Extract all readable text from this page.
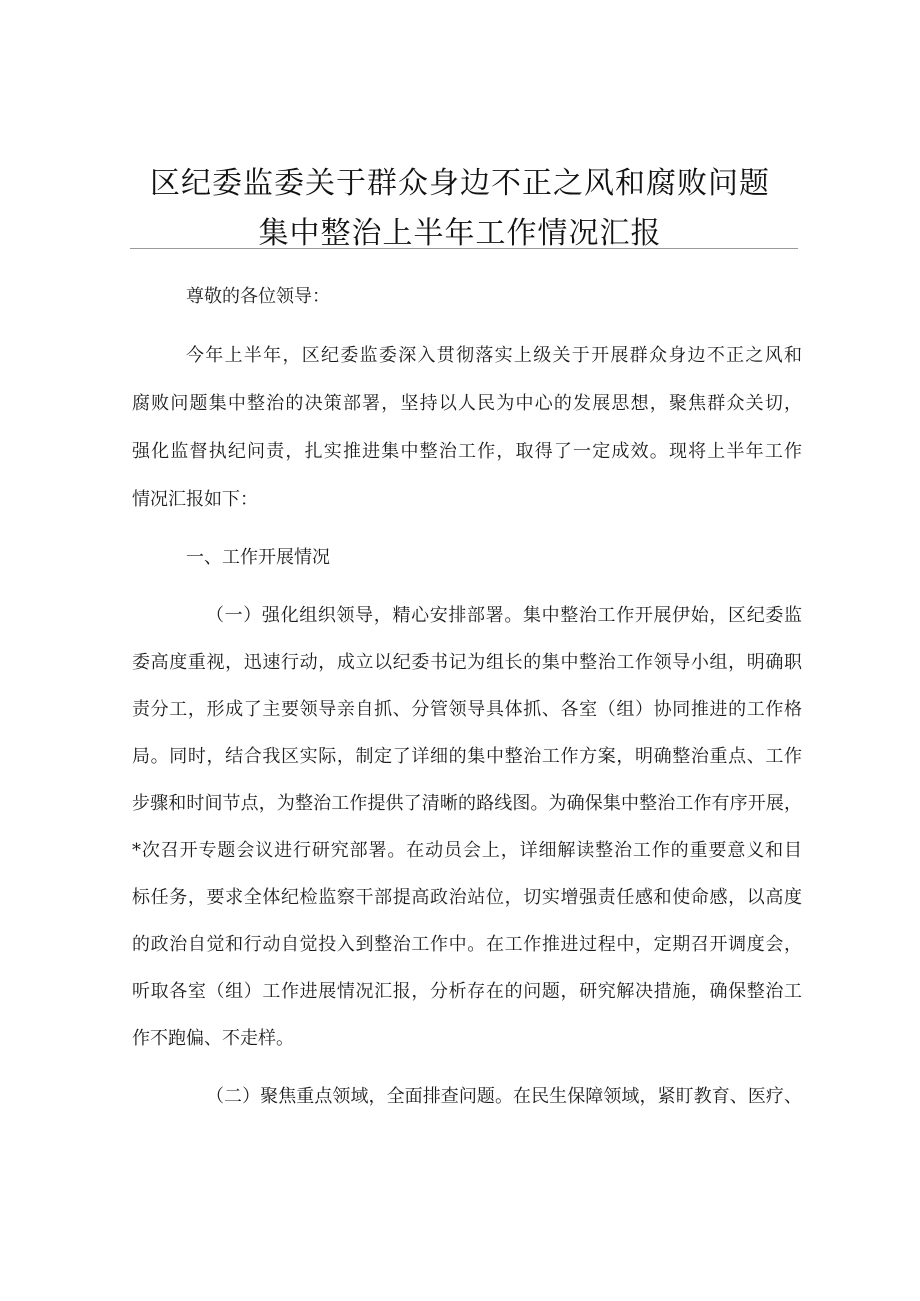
区纪委监委关于群众身边不正之风和腐败问题
集中整治上半年工作情况汇报
尊敬的各位领导：
今年上半年，区纪委监委深入贯彻落实上级关于开展群众身边不正之风和
腐败问题集中整治的决策部署，坚持以人民为中心的发展思想，聚焦群众关切，
强化监督执纪问责，扎实推进集中整治工作，取得了一定成效。现将上半年工作
情况汇报如下：
一、工作开展情况
（一）强化组织领导，精心安排部署。集中整治工作开展伊始，区纪委监
委高度重视，迅速行动，成立以纪委书记为组长的集中整治工作领导小组，明确职
责分工，形成了主要领导亲自抓、分管领导具体抓、各室（组）协同推进的工作格
局。同时，结合我区实际，制定了详细的集中整治工作方案，明确整治重点、工作
步骤和时间节点，为整治工作提供了清晰的路线图。为确保集中整治工作有序开展，
*次召开专题会议进行研究部署。在动员会上，详细解读整治工作的重要意义和目
标任务，要求全体纪检监察干部提高政治站位，切实增强责任感和使命感，以高度
的政治自觉和行动自觉投入到整治工作中。在工作推进过程中，定期召开调度会，
听取各室（组）工作进展情况汇报，分析存在的问题，研究解决措施，确保整治工
作不跑偏、不走样。
（二）聚焦重点领域，全面排查问题。在民生保障领域，紧盯教育、医疗、
